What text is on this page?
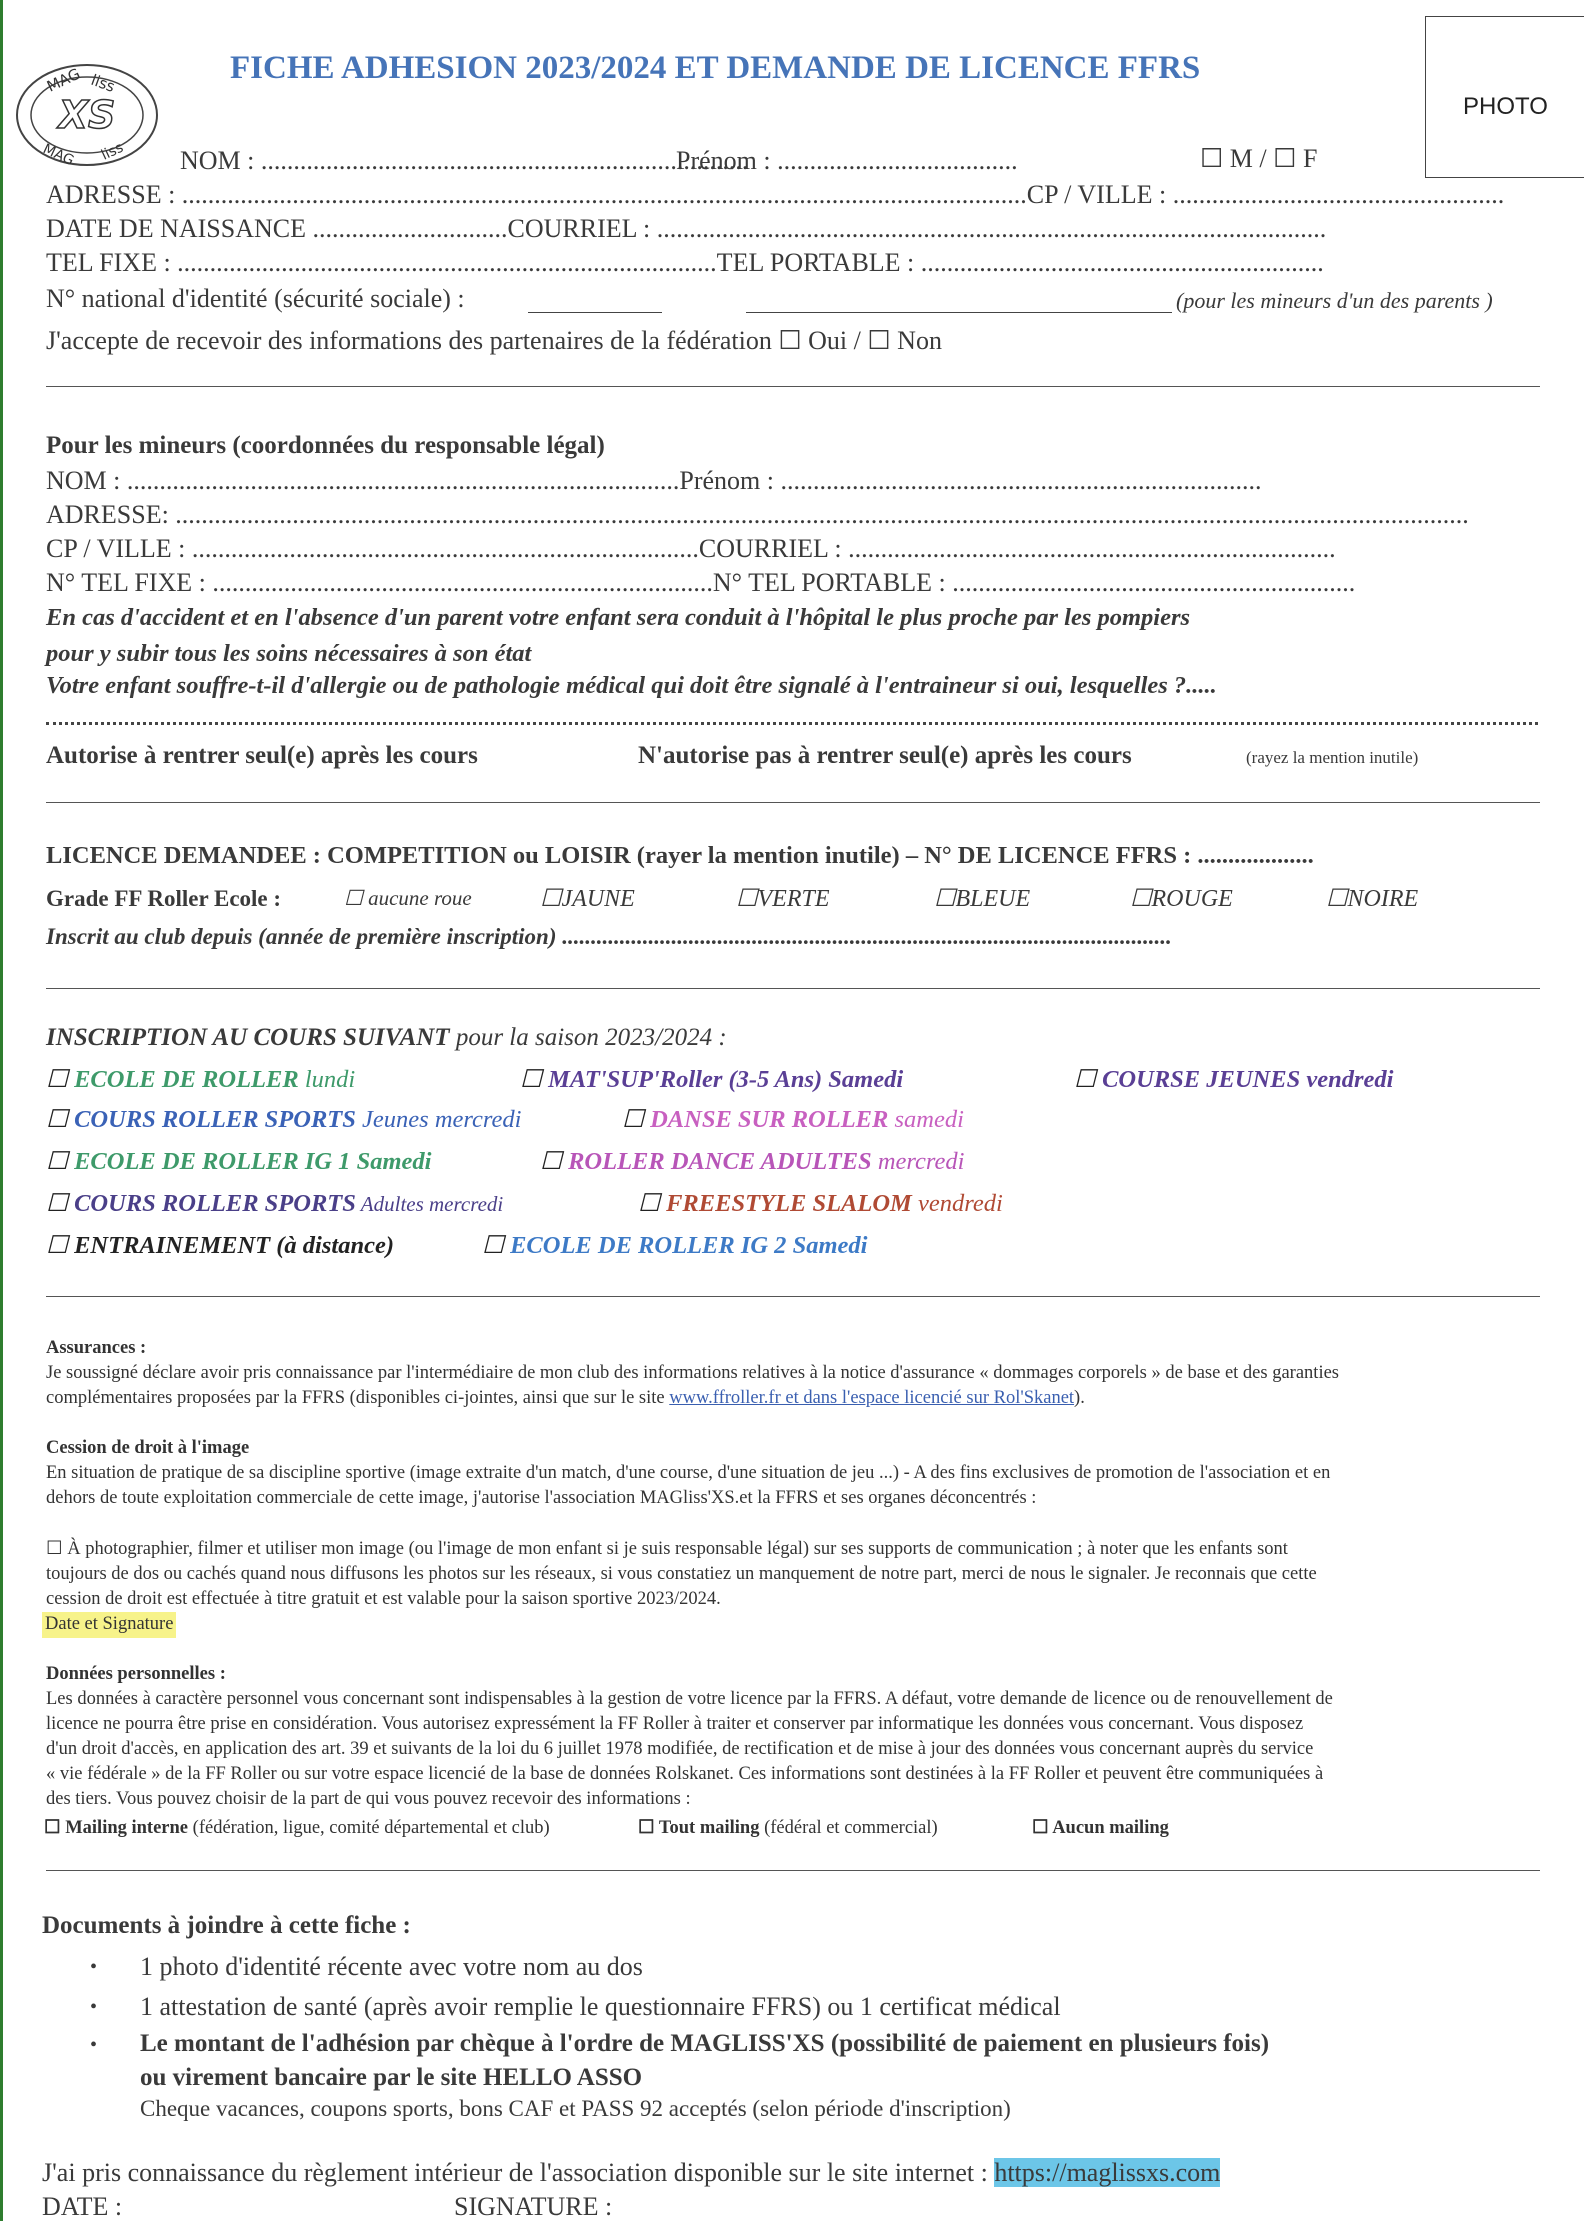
XS
MAG liss
MAG liss
FICHE ADHESION 2023/2024 ET DEMANDE DE LICENCE FFRS
PHOTO
NOM : ...........................................................................
Prénom : .....................................	☐ M / ☐ F
ADRESSE : ..................................................................................................................................CP / VILLE : ...................................................
DATE DE NAISSANCE ..............................COURRIEL : .......................................................................................................
TEL FIXE : ...................................................................................TEL PORTABLE : ..............................................................
N° national d'identité (sécurité sociale) :	(pour les mineurs d'un des parents )
J'accepte de recevoir des informations des partenaires de la fédération ☐ Oui / ☐ Non
Pour les mineurs (coordonnées du responsable légal)
NOM : .....................................................................................Prénom : ..........................................................................
ADRESSE: .......................................................................................................................................................................................................
CP / VILLE : ..............................................................................COURRIEL : ...........................................................................
N° TEL FIXE : .............................................................................N° TEL PORTABLE : ..............................................................
En cas d'accident et en l'absence d'un parent votre enfant sera conduit à l'hôpital le plus proche par les pompiers
pour y subir tous les soins nécessaires à son état
Votre enfant souffre-t-il d'allergie ou de pathologie médical qui doit être signalé à l'entraineur si oui, lesquelles ?.....
Autorise à rentrer seul(e) après les cours	N'autorise pas à rentrer seul(e) après les cours	(rayez la mention inutile)
LICENCE DEMANDEE : COMPETITION ou LOISIR (rayer la mention inutile) – N° DE LICENCE FFRS : ...................
Grade FF Roller Ecole :	☐ aucune roue	☐JAUNE	☐VERTE	☐BLEUE	☐ROUGE	☐NOIRE
Inscrit au club depuis (année de première inscription) ..........................................................................................................
INSCRIPTION AU COURS SUIVANT pour la saison 2023/2024 :
☐ ECOLE DE ROLLER lundi	☐ MAT'SUP'Roller (3-5 Ans) Samedi	☐ COURSE JEUNES vendredi
☐ COURS ROLLER SPORTS Jeunes mercredi	☐ DANSE SUR ROLLER samedi
☐ ECOLE DE ROLLER IG 1 Samedi	☐ ROLLER DANCE ADULTES mercredi
☐ COURS ROLLER SPORTS Adultes mercredi	☐ FREESTYLE SLALOM vendredi
☐ ENTRAINEMENT (à distance)	☐ ECOLE DE ROLLER IG 2 Samedi
Assurances :
Je soussigné déclare avoir pris connaissance par l'intermédiaire de mon club des informations relatives à la notice d'assurance « dommages corporels » de base et des garanties
complémentaires proposées par la FFRS (disponibles ci-jointes, ainsi que sur le site www.ffroller.fr et dans l'espace licencié sur Rol'Skanet).
Cession de droit à l'image
En situation de pratique de sa discipline sportive (image extraite d'un match, d'une course, d'une situation de jeu ...) - A des fins exclusives de promotion de l'association et en
dehors de toute exploitation commerciale de cette image, j'autorise l'association MAGliss'XS.et la FFRS et ses organes déconcentrés :
☐ À photographier, filmer et utiliser mon image (ou l'image de mon enfant si je suis responsable légal) sur ses supports de communication ; à noter que les enfants sont
toujours de dos ou cachés quand nous diffusons les photos sur les réseaux, si vous constatiez un manquement de notre part, merci de nous le signaler. Je reconnais que cette
cession de droit est effectuée à titre gratuit et est valable pour la saison sportive 2023/2024.
Date et Signature
Données personnelles :
Les données à caractère personnel vous concernant sont indispensables à la gestion de votre licence par la FFRS. A défaut, votre demande de licence ou de renouvellement de
licence ne pourra être prise en considération. Vous autorisez expressément la FF Roller à traiter et conserver par informatique les données vous concernant. Vous disposez
d'un droit d'accès, en application des art. 39 et suivants de la loi du 6 juillet 1978 modifiée, de rectification et de mise à jour des données vous concernant auprès du service
« vie fédérale » de la FF Roller ou sur votre espace licencié de la base de données Rolskanet. Ces informations sont destinées à la FF Roller et peuvent être communiquées à
des tiers. Vous pouvez choisir de la part de qui vous pouvez recevoir des informations :
☐ Mailing interne (fédération, ligue, comité départemental et club)	☐ Tout mailing (fédéral et commercial)	☐ Aucun mailing
Documents à joindre à cette fiche :
• 1 photo d'identité récente avec votre nom au dos
• 1 attestation de santé (après avoir remplie le questionnaire FFRS) ou 1 certificat médical
• Le montant de l'adhésion par chèque à l'ordre de MAGLISS'XS (possibilité de paiement en plusieurs fois)
ou virement bancaire par le site HELLO ASSO
Cheque vacances, coupons sports, bons CAF et PASS 92 acceptés (selon période d'inscription)
J'ai pris connaissance du règlement intérieur de l'association disponible sur le site internet : https://maglissxs.com
DATE :	SIGNATURE :
